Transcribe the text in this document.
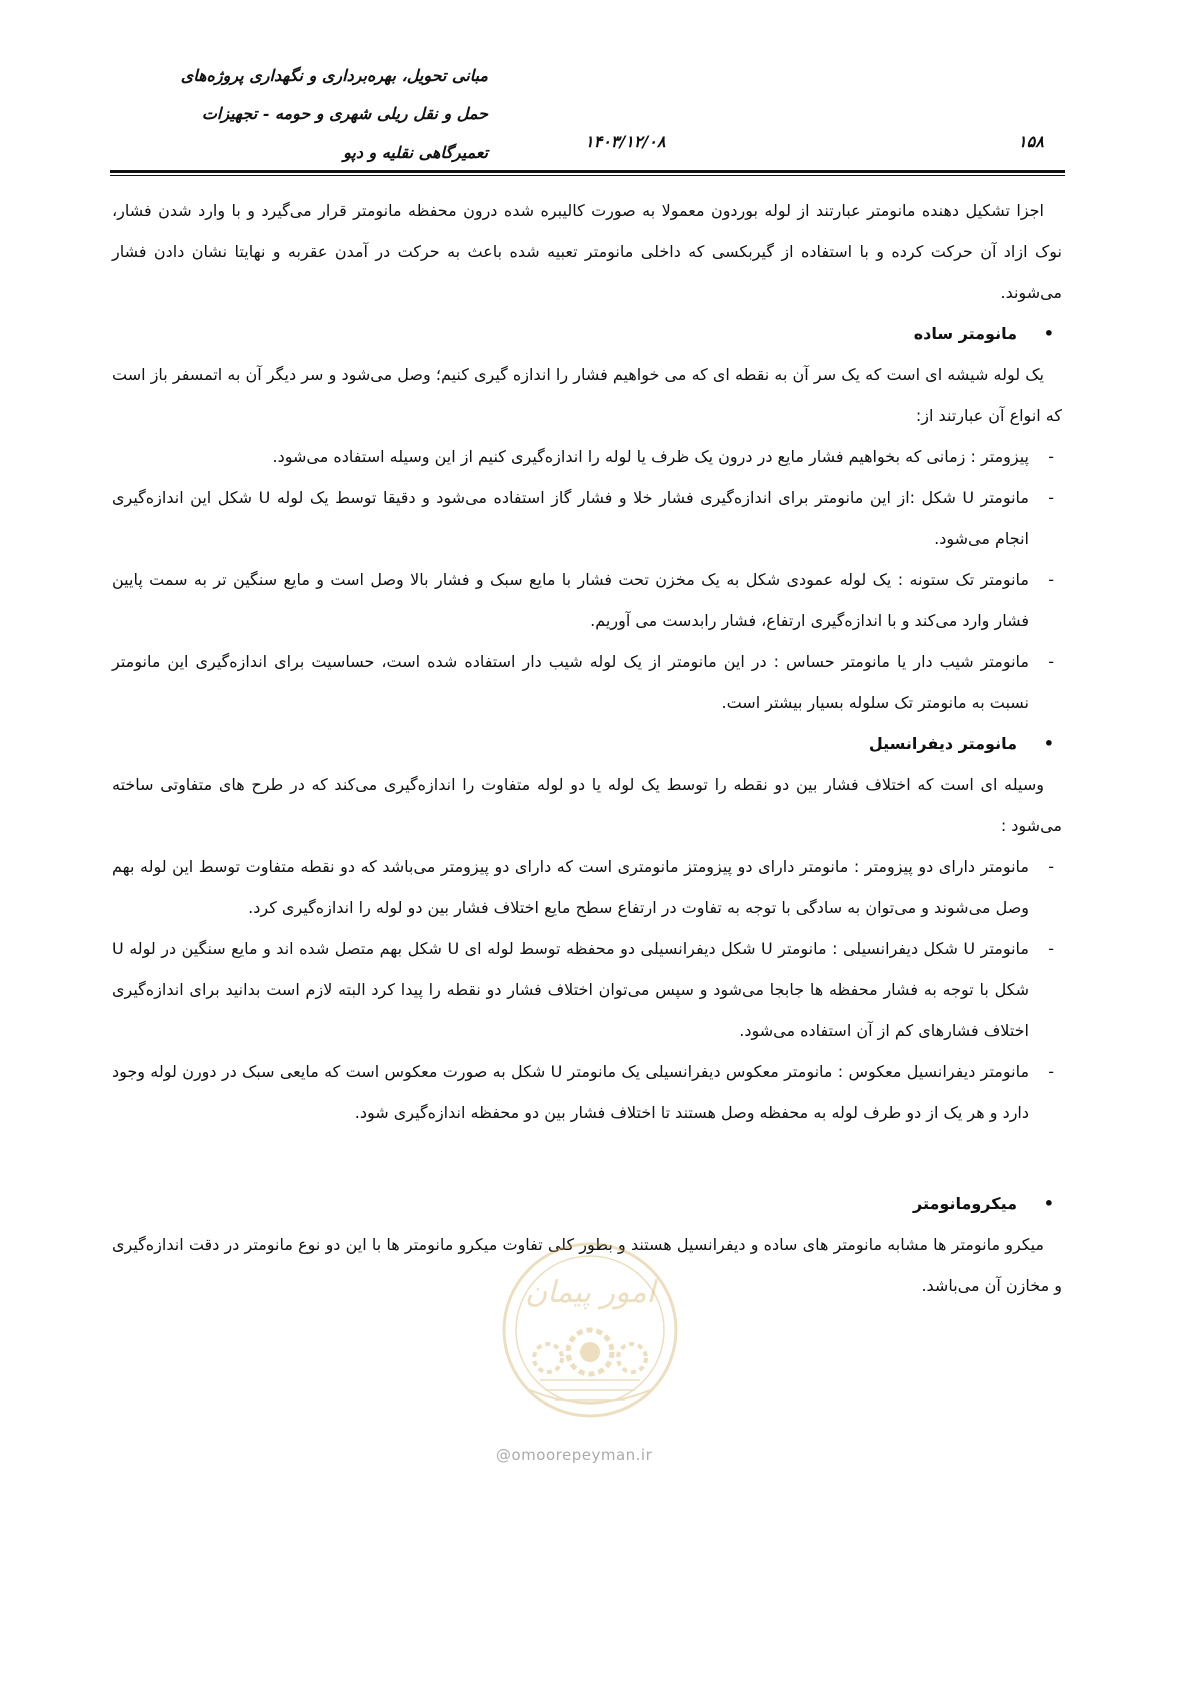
مبانی تحویل، بهره‌برداری و نگهداری پروژه‌های
حمل و نقل ریلی شهری و حومه - تجهیزات
تعمیرگاهی نقلیه و دپو
۱۴۰۳/۱۲/۰۸	۱۵۸

اجزا تشکیل دهنده مانومتر عبارتند از لوله بوردون معمولا به صورت کالیبره شده درون محفظه مانومتر قرار می‌گیرد و با وارد شدن فشار، نوک ازاد آن حرکت کرده و با استفاده از گیربکسی که داخلی مانومتر تعبیه شده باعث به حرکت در آمدن عقربه و نهایتا نشان دادن فشار می‌شوند.

•
مانومتر ساده

یک لوله شیشه ای است که یک سر آن به نقطه ای که می خواهیم فشار را اندازه گیری کنیم؛ وصل می‌شود و سر دیگر آن به اتمسفر باز است که انواع آن عبارتند از:

-
پیزومتر : زمانی که بخواهیم فشار مایع در درون یک ظرف یا لوله را اندازه‌گیری کنیم از این وسیله استفاده می‌شود.

-
مانومتر U شکل :از این مانومتر برای اندازه‌گیری فشار خلا و فشار گاز استفاده می‌شود و دقیقا توسط یک لوله U شکل این اندازه‌گیری انجام می‌شود.

-
مانومتر تک ستونه : یک لوله عمودی شکل به یک مخزن تحت فشار با مایع سبک و فشار بالا وصل است و مایع سنگین تر به سمت پایین فشار وارد می‌کند و با اندازه‌گیری ارتفاع، فشار رابدست می آوریم.

-
مانومتر شیب دار یا مانومتر حساس : در این مانومتر از یک لوله شیب دار استفاده شده است، حساسیت برای اندازه‌گیری این مانومتر نسبت به مانومتر تک سلوله بسیار بیشتر است.

•
مانومتر دیفرانسیل

وسیله ای است که اختلاف فشار بین دو نقطه را توسط یک لوله یا دو لوله متفاوت را اندازه‌گیری می‌کند که در طرح های متفاوتی ساخته می‌شود :

-
مانومتر دارای دو پیزومتر : مانومتر دارای دو پیزومتز مانومتری است که دارای دو پیزومتر می‌باشد که دو نقطه متفاوت توسط این لوله بهم وصل می‌شوند و می‌توان به سادگی با توجه به تفاوت در ارتفاع سطح مایع اختلاف فشار بین دو لوله را اندازه‌گیری کرد.

-
مانومتر U شکل دیفرانسیلی : مانومتر U شکل دیفرانسیلی دو محفظه توسط لوله ای U شکل بهم متصل شده اند و مایع سنگین در لوله U شکل با توجه به فشار محفظه ها جابجا می‌شود و سپس می‌توان اختلاف فشار دو نقطه را پیدا کرد البته لازم است بدانید برای اندازه‌گیری اختلاف فشارهای کم از آن استفاده می‌شود.

-
مانومتر دیفرانسیل معکوس : مانومتر معکوس دیفرانسیلی یک مانومتر U شکل به صورت معکوس است که مایعی سبک در دورن لوله وجود دارد و هر یک از دو طرف لوله به محفظه وصل هستند تا اختلاف فشار بین دو محفظه اندازه‌گیری شود.

•
میکرومانومتر

میکرو مانومتر ها مشابه مانومتر های ساده و دیفرانسیل هستند و بطور کلی تفاوت میکرو مانومتر ها با این دو نوع مانومتر در دقت اندازه‌گیری و مخازن آن می‌باشد.

امور پیمان
@omoorepeyman.ir
